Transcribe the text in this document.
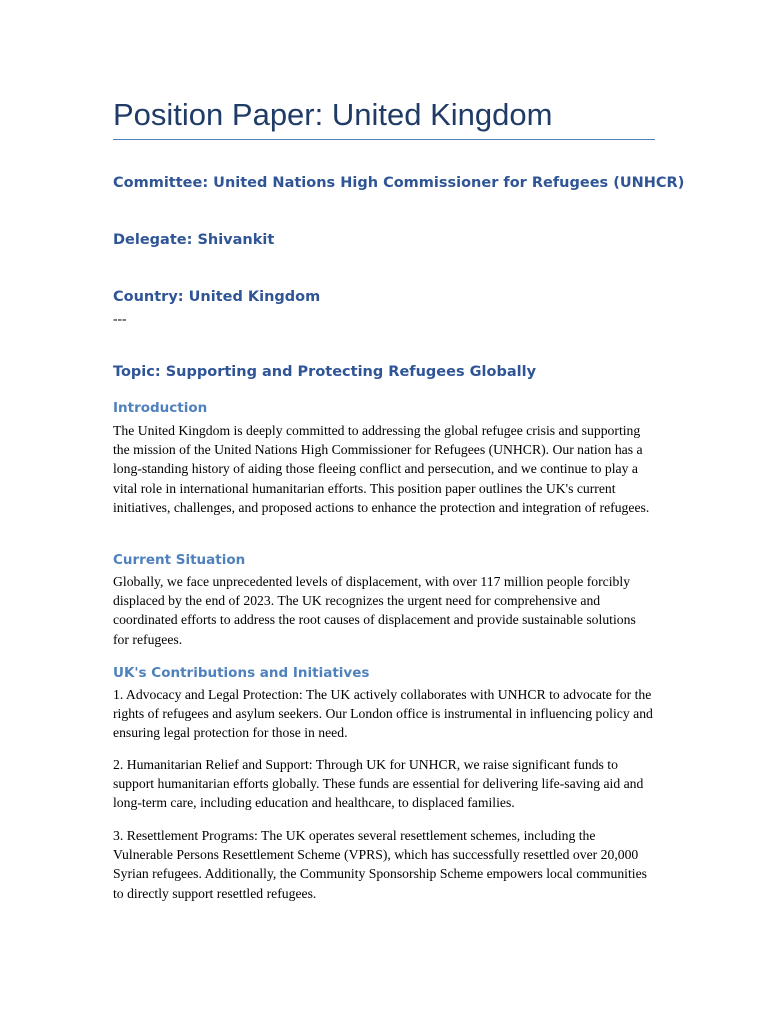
Position Paper: United Kingdom
Committee: United Nations High Commissioner for Refugees (UNHCR)
Delegate: Shivankit
Country: United Kingdom
---
Topic: Supporting and Protecting Refugees Globally
Introduction

The United Kingdom is deeply committed to addressing the global refugee crisis and supporting the mission of the United Nations High Commissioner for Refugees (UNHCR). Our nation has a long-standing history of aiding those fleeing conflict and persecution, and we continue to play a vital role in international humanitarian efforts. This position paper outlines the UK's current initiatives, challenges, and proposed actions to enhance the protection and integration of refugees.

Current Situation

Globally, we face unprecedented levels of displacement, with over 117 million people forcibly displaced by the end of 2023. The UK recognizes the urgent need for comprehensive and coordinated efforts to address the root causes of displacement and provide sustainable solutions for refugees.

UK's Contributions and Initiatives

1. Advocacy and Legal Protection: The UK actively collaborates with UNHCR to advocate for the rights of refugees and asylum seekers. Our London office is instrumental in influencing policy and ensuring legal protection for those in need.

2. Humanitarian Relief and Support: Through UK for UNHCR, we raise significant funds to support humanitarian efforts globally. These funds are essential for delivering life-saving aid and long-term care, including education and healthcare, to displaced families.

3. Resettlement Programs: The UK operates several resettlement schemes, including the Vulnerable Persons Resettlement Scheme (VPRS), which has successfully resettled over 20,000 Syrian refugees. Additionally, the Community Sponsorship Scheme empowers local communities to directly support resettled refugees.
